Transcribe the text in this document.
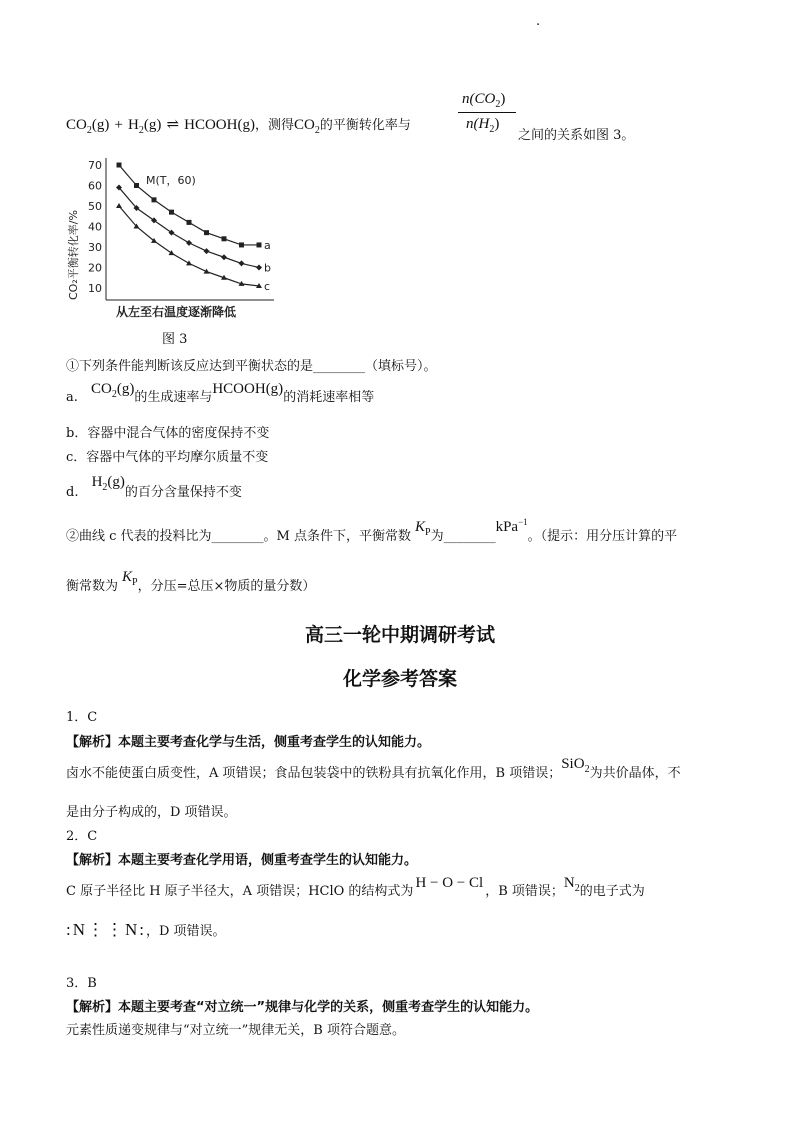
.
$CO_2(g) + H_2(g)$ ⇌ HCOOH(g)，测得$CO_2$的平衡转化率与
$n(CO_2)$
$n(H_2)$
之间的关系如图 3。
70
60
50
40
30
20
10
CO₂平衡转化率/%
从左至右温度逐渐降低
a
b
c
M(T，60)
图 3
①下列条件能判断该反应达到平衡状态的是________（填标号）。
$_{a.}$ $CO_2(g)_{的生成速率与}HCOOH(g)_{的消耗速率相等}$
b．容器中混合气体的密度保持不变
c．容器中气体的平均摩尔质量不变
$_{d.}$ $H_2(g)_{的百分含量保持不变}$
$_{②曲线 c 代表的投料比为\_\_\_\_\_\_\_\_。M 点条件下,平衡常数}K_{P为\_\_\_\_\_\_\_\_}kPa^{-1}_{。(提示:用分压计算的平}$
$_{衡常数为}K_{P,分压=总压\times 物质的量分数)}$
高三一轮中期调研考试
化学参考答案
1．C
【解析】本题主要考查化学与生活，侧重考查学生的认知能力。
$_{卤水不能使蛋白质变性,A 项错误;食品包装袋中的铁粉具有抗氧化作用,B 项错误;}$SiO$_{2为共价晶体,不}$
是由分子构成的，D 项错误。
2．C
【解析】本题主要考查化学用语，侧重考查学生的认知能力。
$_{C 原子半径比 H 原子半径大,A 项错误;HClO 的结构式为}H - O - Cl_{,B 项错误;}N_{2的电子式为}$
:N⋮⋮N:，D 项错误。
3．B
【解析】本题主要考查“对立统一”规律与化学的关系，侧重考查学生的认知能力。
元素性质递变规律与“对立统一”规律无关，B 项符合题意。
